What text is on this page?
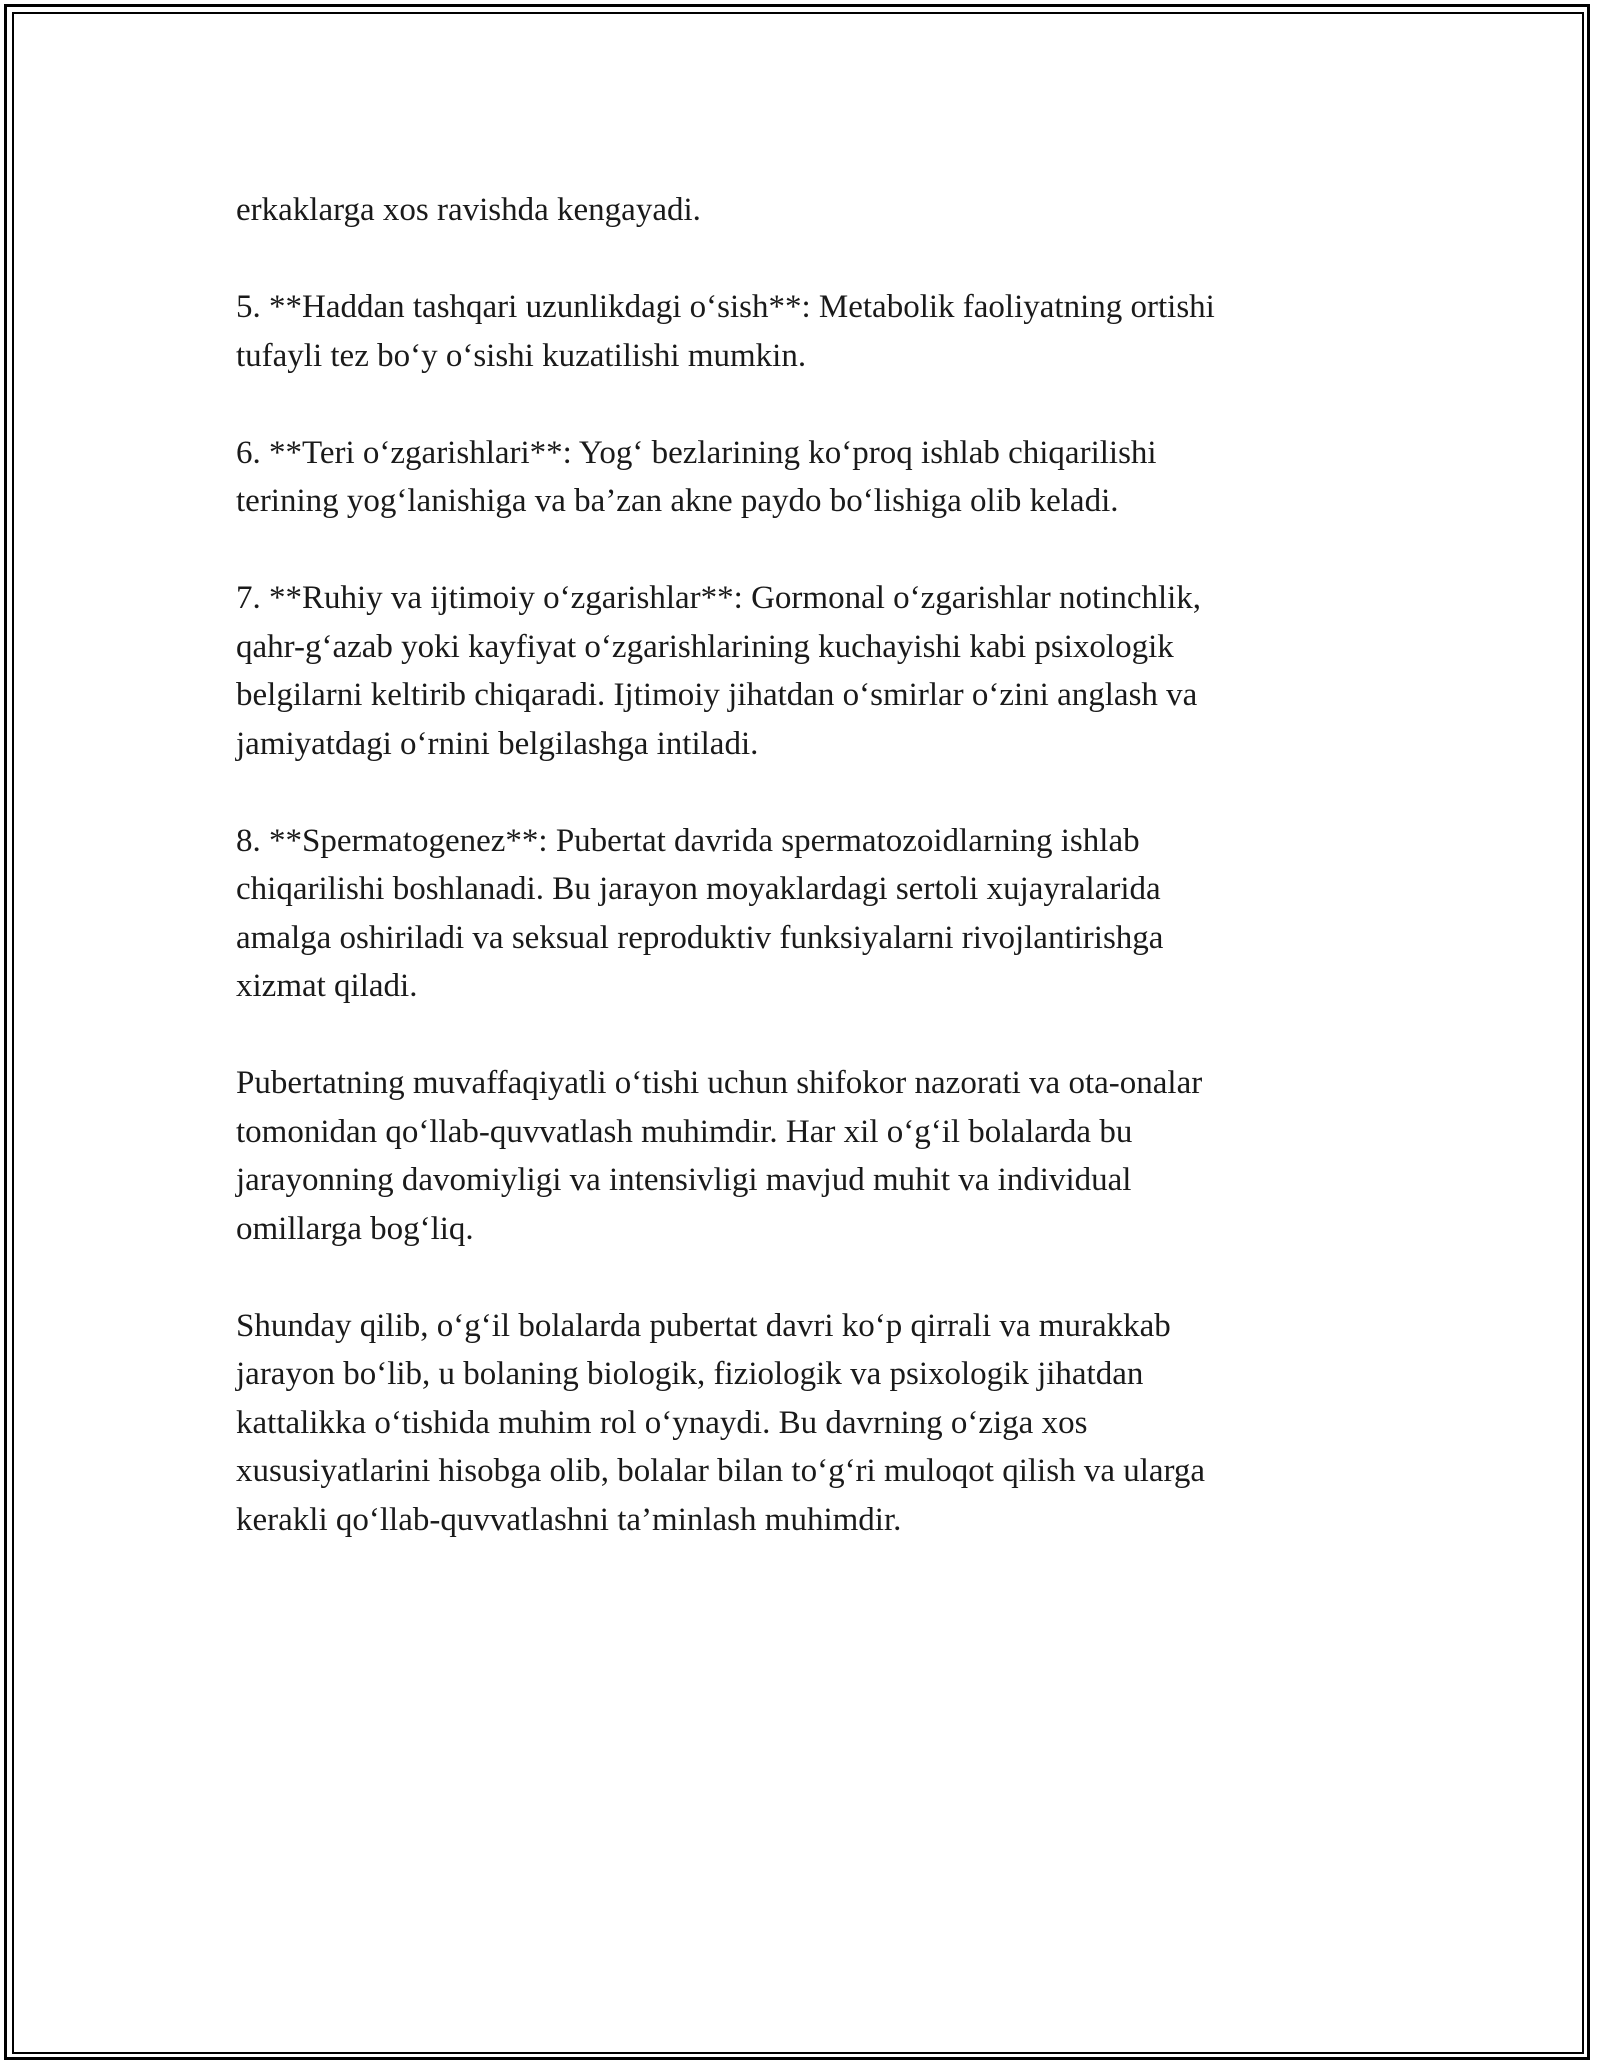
erkaklarga xos ravishda kengayadi.

5. **Haddan tashqari uzunlikdagi o‘sish**: Metabolik faoliyatning ortishi
tufayli tez bo‘y o‘sishi kuzatilishi mumkin.

6. **Teri o‘zgarishlari**: Yog‘ bezlarining ko‘proq ishlab chiqarilishi
terining yog‘lanishiga va ba’zan akne paydo bo‘lishiga olib keladi.

7. **Ruhiy va ijtimoiy o‘zgarishlar**: Gormonal o‘zgarishlar notinchlik,
qahr-g‘azab yoki kayfiyat o‘zgarishlarining kuchayishi kabi psixologik
belgilarni keltirib chiqaradi. Ijtimoiy jihatdan o‘smirlar o‘zini anglash va
jamiyatdagi o‘rnini belgilashga intiladi.

8. **Spermatogenez**: Pubertat davrida spermatozoidlarning ishlab
chiqarilishi boshlanadi. Bu jarayon moyaklardagi sertoli xujayralarida
amalga oshiriladi va seksual reproduktiv funksiyalarni rivojlantirishga
xizmat qiladi.

Pubertatning muvaffaqiyatli o‘tishi uchun shifokor nazorati va ota-onalar
tomonidan qo‘llab-quvvatlash muhimdir. Har xil o‘g‘il bolalarda bu
jarayonning davomiyligi va intensivligi mavjud muhit va individual
omillarga bog‘liq.

Shunday qilib, o‘g‘il bolalarda pubertat davri ko‘p qirrali va murakkab
jarayon bo‘lib, u bolaning biologik, fiziologik va psixologik jihatdan
kattalikka o‘tishida muhim rol o‘ynaydi. Bu davrning o‘ziga xos
xususiyatlarini hisobga olib, bolalar bilan to‘g‘ri muloqot qilish va ularga
kerakli qo‘llab-quvvatlashni ta’minlash muhimdir.
